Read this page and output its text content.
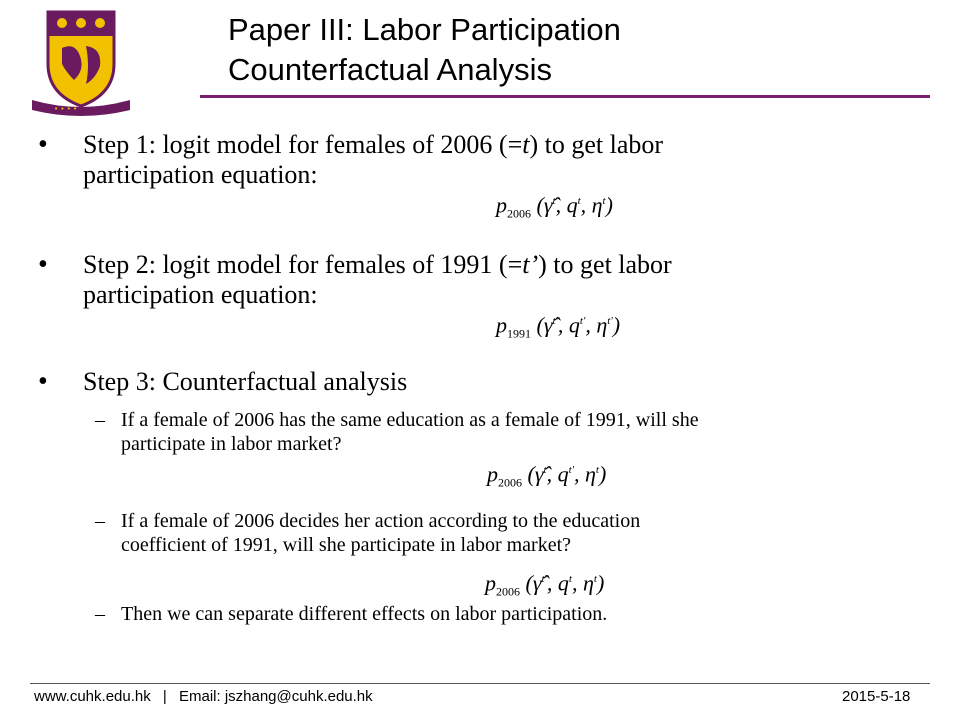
• • • •
Paper III: Labor Participation
Counterfactual Analysis
• Step 1: logit model for females of 2006 (=t) to get labor
participation equation:
$p_{2006}$ (γ̂$^t$, $q^t$, $\eta^t$)
• Step 2: logit model for females of 1991 (=t’) to get labor
participation equation:
$p_{1991}$ (γ̂$^{t'}$, $q^{t'}$, $\eta^{t'}$)
• Step 3: Counterfactual analysis
– If a female of 2006 has the same education as a female of 1991, will she
participate in labor market?
$p_{2006}$ (γ̂$^t$, $q^{t'}$, $\eta^t$)
– If a female of 2006 decides her action according to the education
coefficient of 1991, will she participate in labor market?
$p_{2006}$ (γ̂$^{t'}$, $q^t$, $\eta^t$)
– Then we can separate different effects on labor participation.
www.cuhk.edu.hk | Email: jszhang@cuhk.edu.hk	2015-5-18
